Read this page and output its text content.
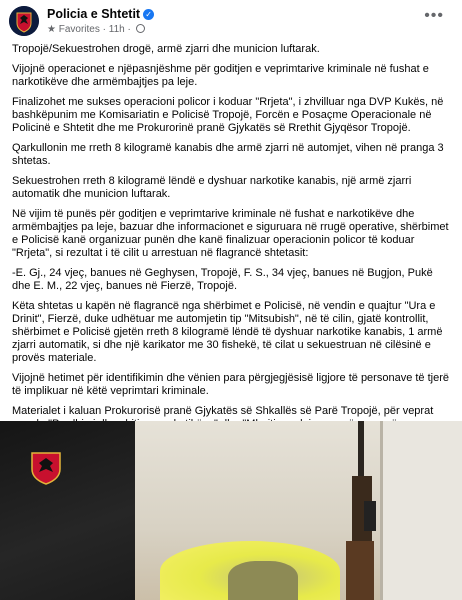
Policia e Shtetit ✓
★ Favorites · 11h ·
•••

Tropojë/Sekuestrohen drogë, armë zjarri dhe municion luftarak.

Vijojnë operacionet e njëpasnjëshme për goditjen e veprimtarive kriminale në fushat e narkotikëve dhe armëmbajtjes pa leje.

Finalizohet me sukses operacioni policor i koduar "Rrjeta", i zhvilluar nga DVP Kukës, në bashkëpunim me Komisariatin e Policisë Tropojë, Forcën e Posaçme Operacionale në Policinë e Shtetit dhe me Prokurorinë pranë Gjykatës së Rrethit Gjyqësor Tropojë.

Qarkullonin me rreth 8 kilogramë kanabis dhe armë zjarri në automjet, vihen në pranga 3 shtetas.

Sekuestrohen rreth 8 kilogramë lëndë e dyshuar narkotike kanabis, një armë zjarri automatik dhe municion luftarak.

Në vijim të punës për goditjen e veprimtarive kriminale në fushat e narkotikëve dhe armëmbajtjes pa leje, bazuar dhe informacionet e siguruara në rrugë operative, shërbimet e Policisë kanë organizuar punën dhe kanë finalizuar operacionin policor të koduar "Rrjeta", si rezultat i të cilit u arrestuan në flagrancë shtetasit:

-E. Gj., 24 vjeç, banues në Geghysen, Tropojë, F. S., 34 vjeç, banues në Bugjon, Pukë dhe E. M., 22 vjeç, banues në Fierzë, Tropojë.

Këta shtetas u kapën në flagrancë nga shërbimet e Policisë, në vendin e quajtur "Ura e Drinit", Fierzë, duke udhëtuar me automjetin tip "Mitsubish", në të cilin, gjatë kontrollit, shërbimet e Policisë gjetën rreth 8 kilogramë lëndë të dyshuar narkotike kanabis, 1 armë zjarri automatik, si dhe një karikator me 30 fishekë, të cilat u sekuestruan në cilësinë e provës materiale.

Vijojnë hetimet për identifikimin dhe vënien para përgjegjësisë ligjore të personave të tjerë të implikuar në këtë veprimtari kriminale.

Materialet i kaluan Prokurorisë pranë Gjykatës së Shkallës së Parë Tropojë, për veprat
